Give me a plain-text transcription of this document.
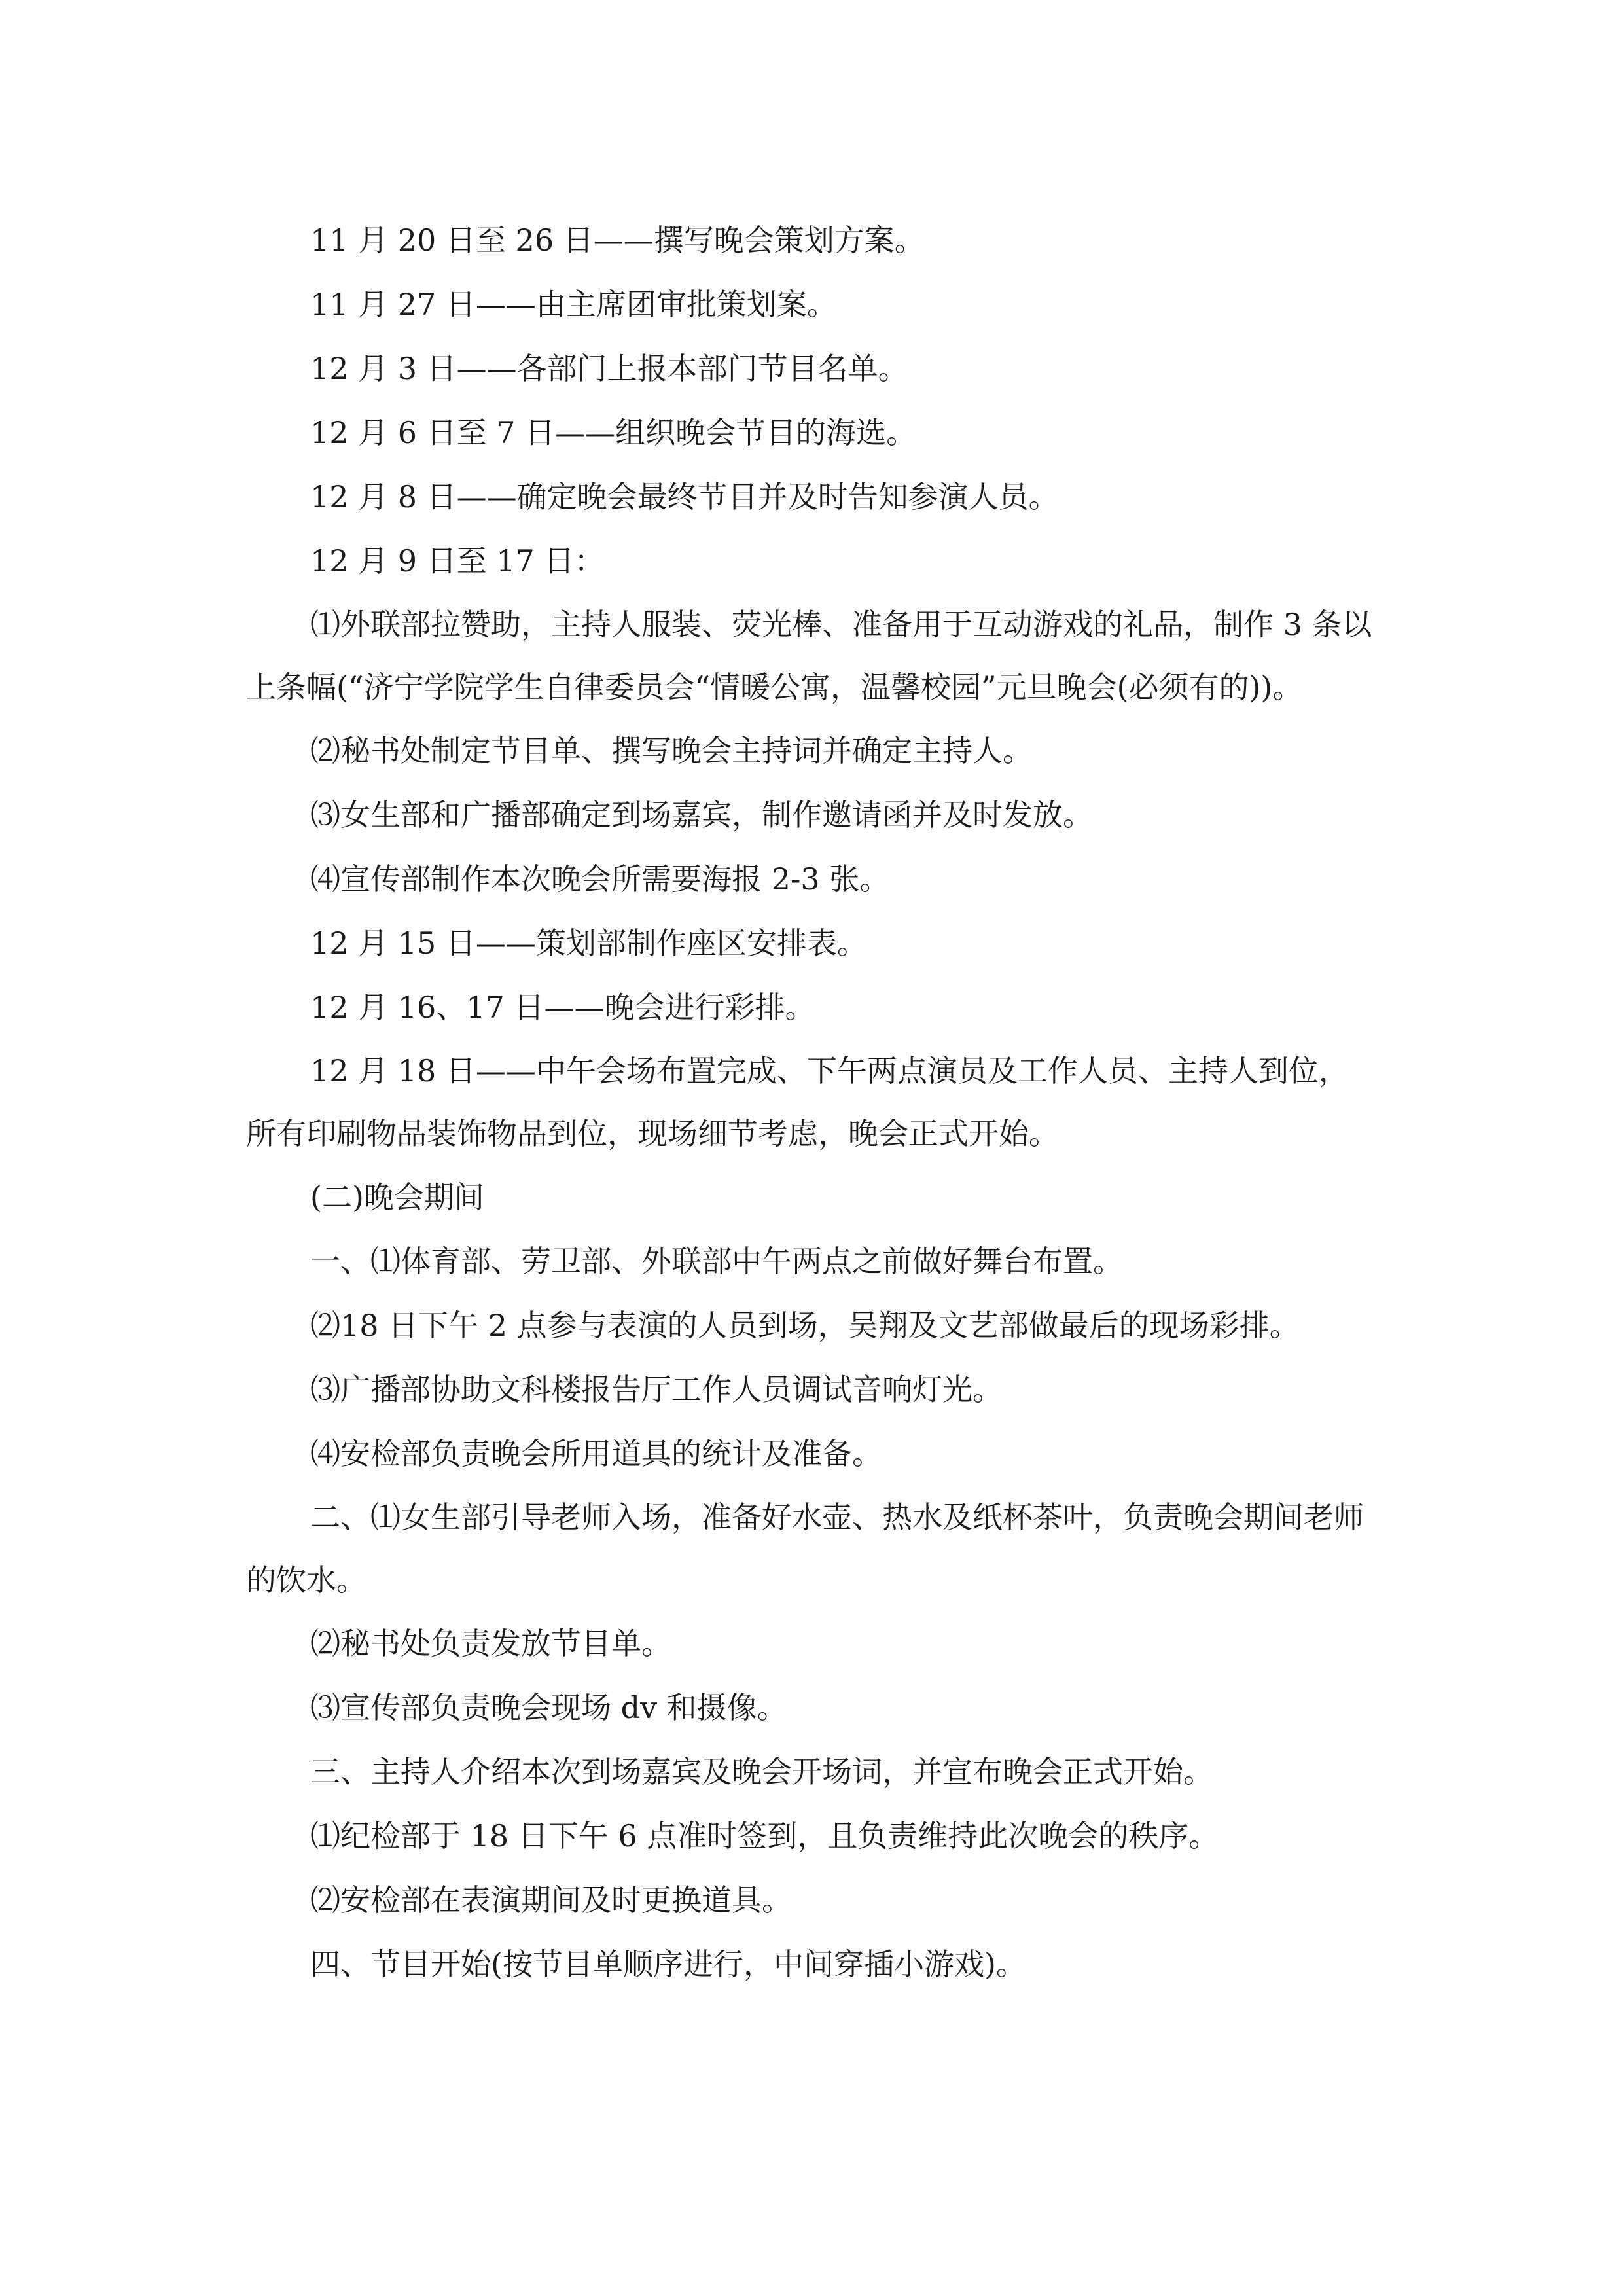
11 月 20 日至 26 日——撰写晚会策划方案。

11 月 27 日——由主席团审批策划案。

12 月 3 日——各部门上报本部门节目名单。

12 月 6 日至 7 日——组织晚会节目的海选。

12 月 8 日——确定晚会最终节目并及时告知参演人员。

12 月 9 日至 17 日：

⑴外联部拉赞助，主持人服装、荧光棒、准备用于互动游戏的礼品，制作 3 条以上条幅(“济宁学院学生自律委员会“情暖公寓，温馨校园”元旦晚会(必须有的))。

⑵秘书处制定节目单、撰写晚会主持词并确定主持人。

⑶女生部和广播部确定到场嘉宾，制作邀请函并及时发放。

⑷宣传部制作本次晚会所需要海报 2-3 张。

12 月 15 日——策划部制作座区安排表。

12 月 16、17 日——晚会进行彩排。

12 月 18 日——中午会场布置完成、下午两点演员及工作人员、主持人到位，所有印刷物品装饰物品到位，现场细节考虑，晚会正式开始。

(二)晚会期间

一、⑴体育部、劳卫部、外联部中午两点之前做好舞台布置。

⑵18 日下午 2 点参与表演的人员到场，吴翔及文艺部做最后的现场彩排。

⑶广播部协助文科楼报告厅工作人员调试音响灯光。

⑷安检部负责晚会所用道具的统计及准备。

二、⑴女生部引导老师入场，准备好水壶、热水及纸杯茶叶，负责晚会期间老师的饮水。

⑵秘书处负责发放节目单。

⑶宣传部负责晚会现场 dv 和摄像。

三、主持人介绍本次到场嘉宾及晚会开场词，并宣布晚会正式开始。

⑴纪检部于 18 日下午 6 点准时签到，且负责维持此次晚会的秩序。

⑵安检部在表演期间及时更换道具。

四、节目开始(按节目单顺序进行，中间穿插小游戏)。
